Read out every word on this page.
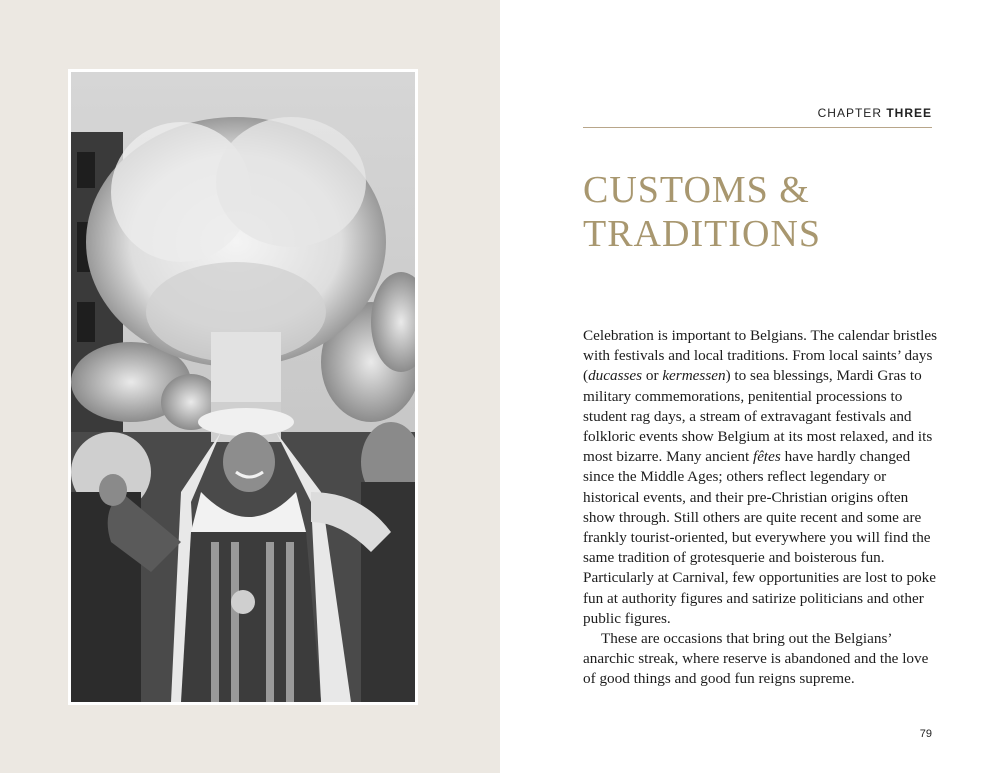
CHAPTER THREE
CUSTOMS &
TRADITIONS

Celebration is important to Belgians. The calendar bristles with festivals and local traditions. From local saints’ days (ducasses or kermessen) to sea blessings, Mardi Gras to military commemorations, penitential processions to student rag days, a stream of extravagant festivals and folkloric events show Belgium at its most relaxed, and its most bizarre. Many ancient fêtes have hardly changed since the Middle Ages; others reflect legendary or historical events, and their pre-Christian origins often show through. Still others are quite recent and some are frankly tourist-oriented, but everywhere you will find the same tradition of grotesquerie and boisterous fun. Particularly at Carnival, few opportunities are lost to poke fun at authority figures and satirize politicians and other public figures.

These are occasions that bring out the Belgians’ anarchic streak, where reserve is abandoned and the love of good things and good fun reigns supreme.

79
